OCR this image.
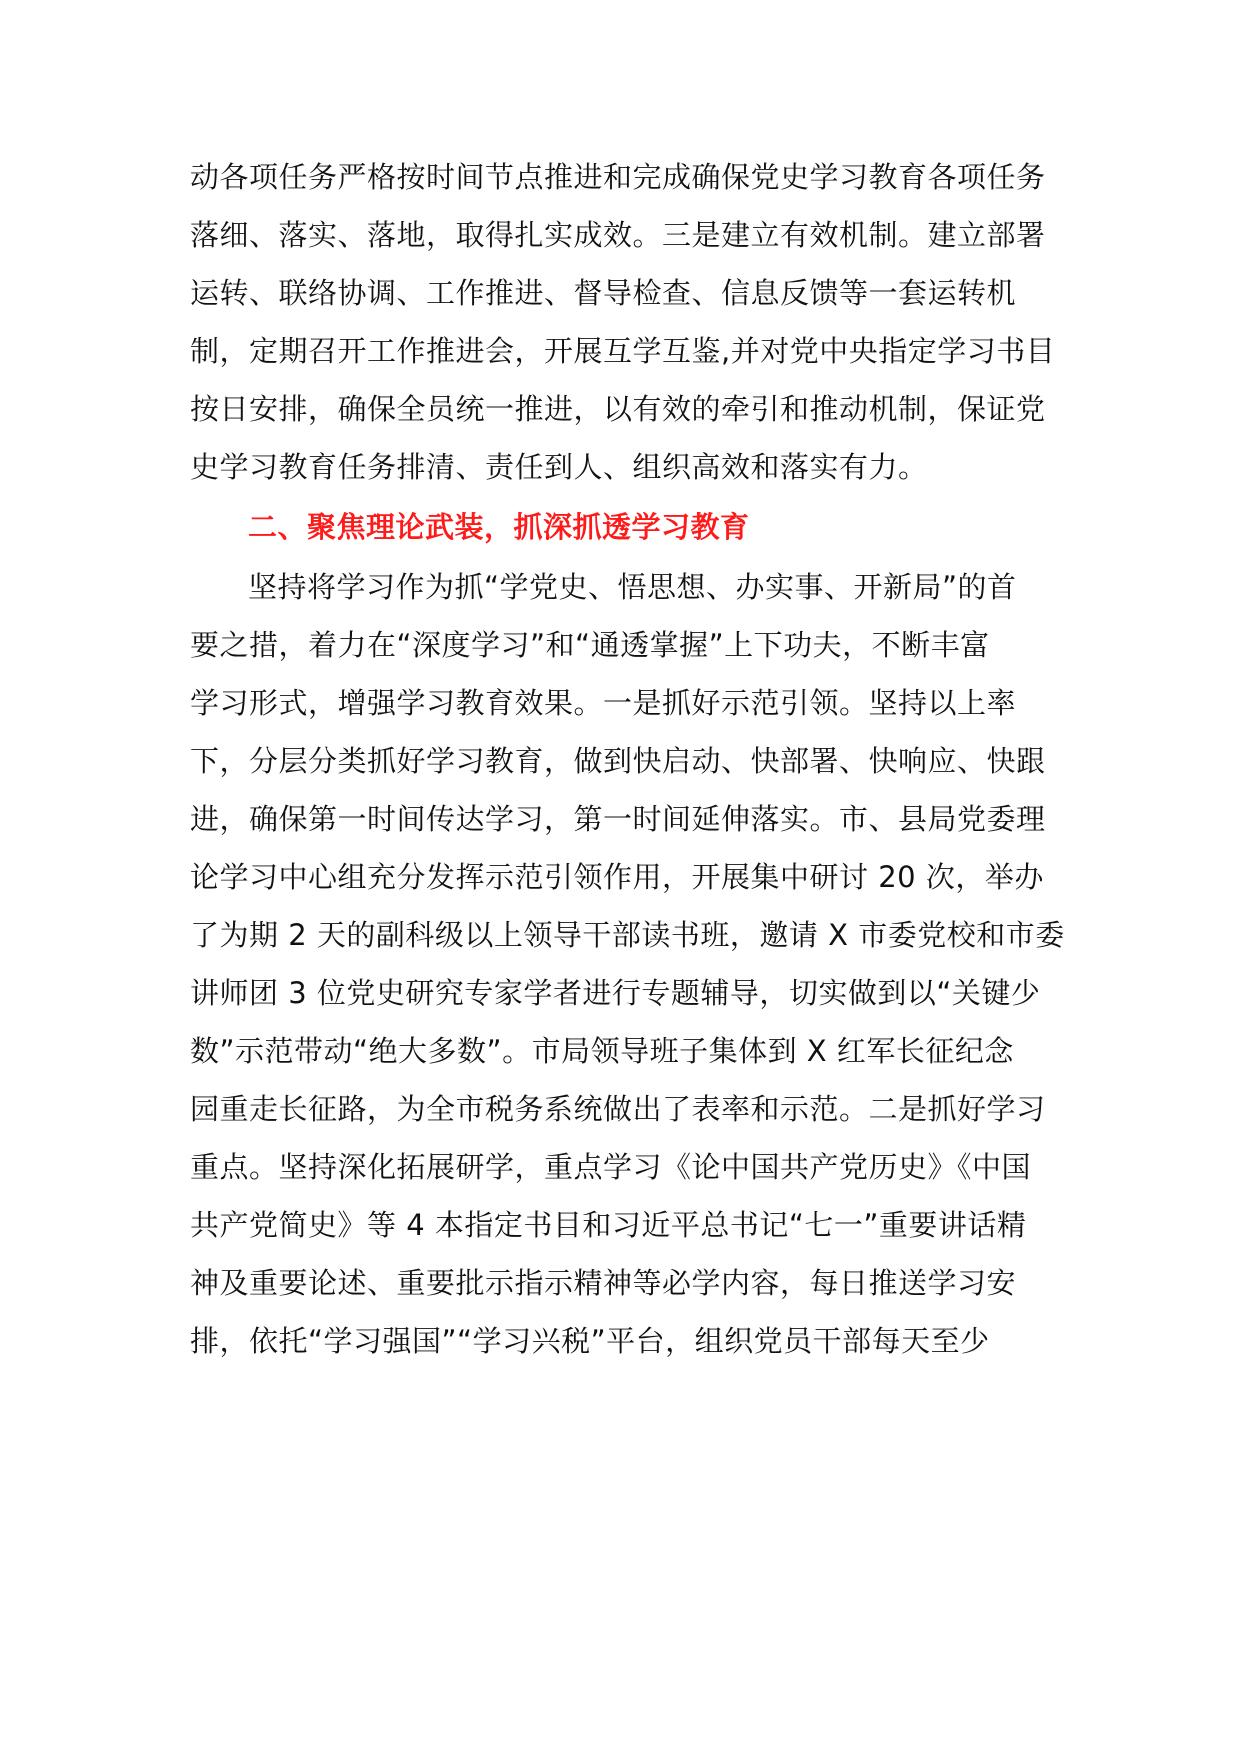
动各项任务严格按时间节点推进和完成确保党史学习教育各项任务
落细、落实、落地，取得扎实成效。三是建立有效机制。建立部署
运转、联络协调、工作推进、督导检查、信息反馈等一套运转机
制，定期召开工作推进会，开展互学互鉴,并对党中央指定学习书目
按日安排，确保全员统一推进，以有效的牵引和推动机制，保证党
史学习教育任务排清、责任到人、组织高效和落实有力。
二、聚焦理论武装，抓深抓透学习教育
坚持将学习作为抓“学党史、悟思想、办实事、开新局”的首
要之措，着力在“深度学习”和“通透掌握”上下功夫，不断丰富
学习形式，增强学习教育效果。一是抓好示范引领。坚持以上率
下，分层分类抓好学习教育，做到快启动、快部署、快响应、快跟
进，确保第一时间传达学习，第一时间延伸落实。市、县局党委理
论学习中心组充分发挥示范引领作用，开展集中研讨 20 次，举办
了为期 2 天的副科级以上领导干部读书班，邀请 X 市委党校和市委
讲师团 3 位党史研究专家学者进行专题辅导，切实做到以“关键少
数”示范带动“绝大多数”。市局领导班子集体到 X 红军长征纪念
园重走长征路，为全市税务系统做出了表率和示范。二是抓好学习
重点。坚持深化拓展研学，重点学习《论中国共产党历史》《中国
共产党简史》等 4 本指定书目和习近平总书记“七一”重要讲话精
神及重要论述、重要批示指示精神等必学内容，每日推送学习安
排，依托“学习强国”“学习兴税”平台，组织党员干部每天至少
